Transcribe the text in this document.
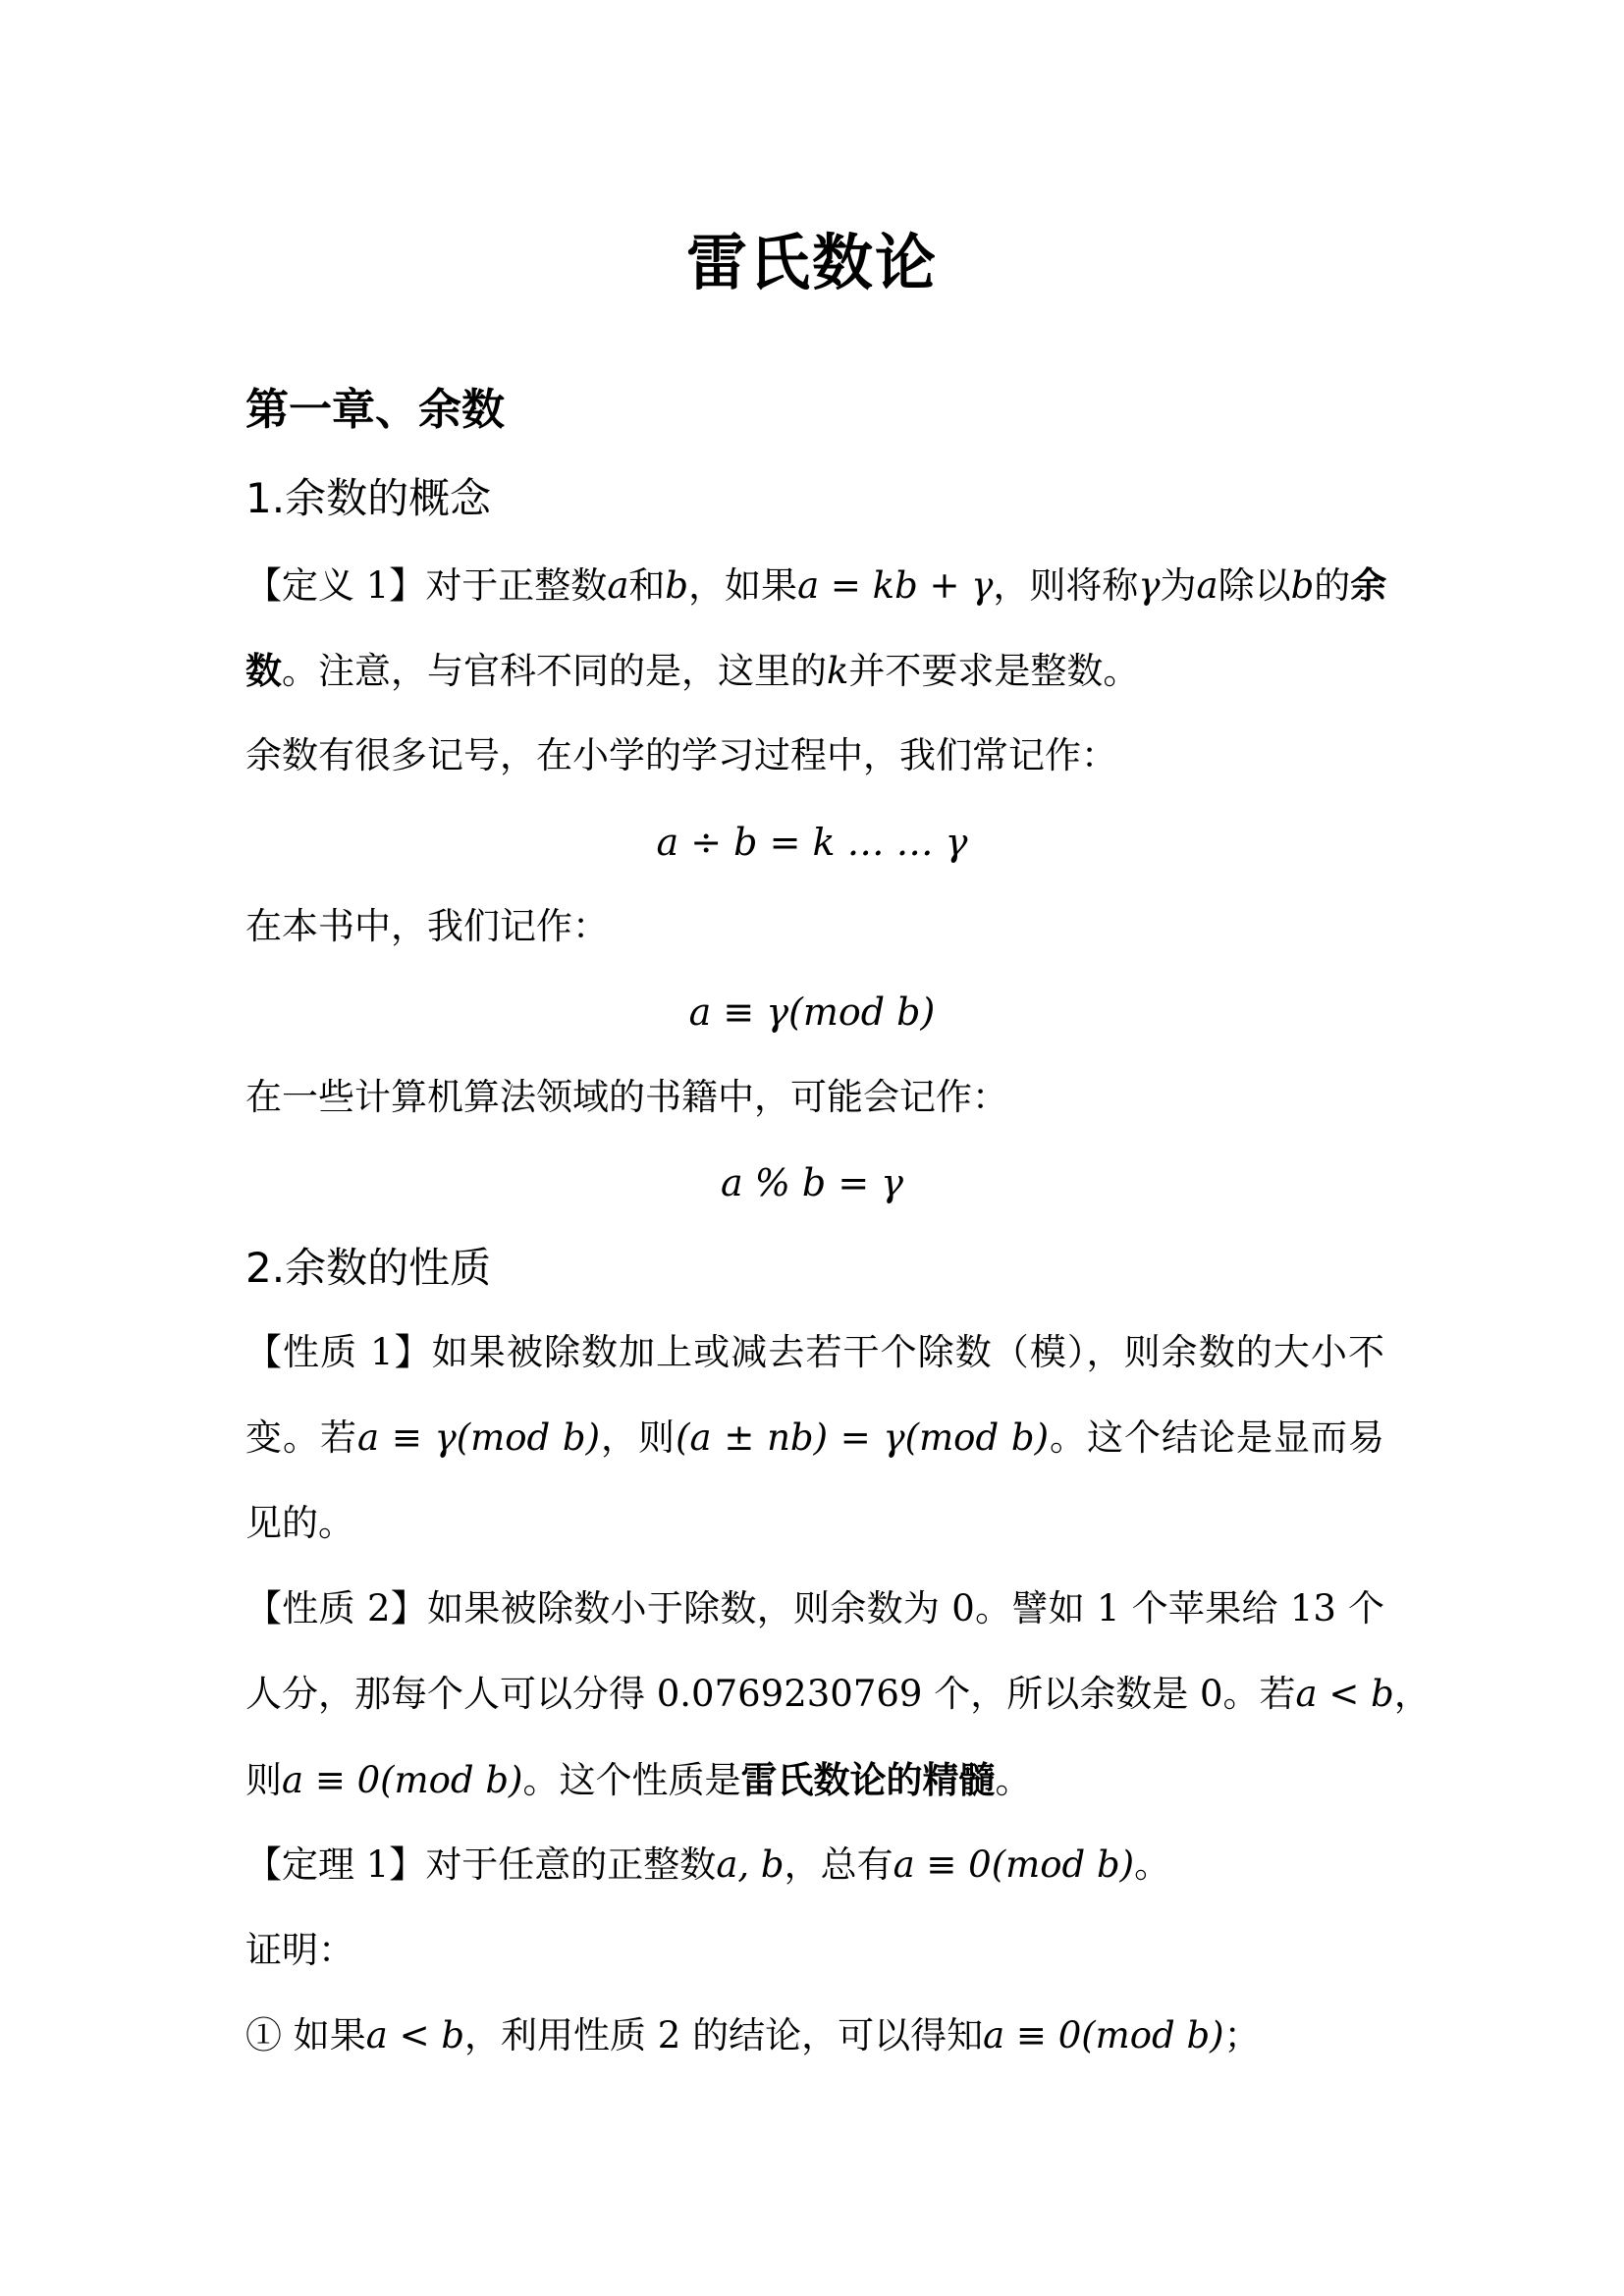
雷氏数论
第一章、余数
1.余数的概念
【定义 1】对于正整数a和b，如果a = kb + γ，则将称γ为a除以b的余
数。注意，与官科不同的是，这里的k并不要求是整数。
余数有很多记号，在小学的学习过程中，我们常记作：
a ÷ b = k … … γ
在本书中，我们记作：
a ≡ γ(mod b)
在一些计算机算法领域的书籍中，可能会记作：
a % b = γ
2.余数的性质
【性质 1】如果被除数加上或减去若干个除数（模），则余数的大小不
变。若a ≡ γ(mod b)，则(a ± nb) = γ(mod b)。这个结论是显而易
见的。
【性质 2】如果被除数小于除数，则余数为 0。譬如 1 个苹果给 13 个
人分，那每个人可以分得 0.0769230769 个，所以余数是 0。若a < b，
则a ≡ 0(mod b)。这个性质是雷氏数论的精髓。
【定理 1】对于任意的正整数a, b，总有a ≡ 0(mod b)。
证明：
① 如果a < b，利用性质 2 的结论，可以得知a ≡ 0(mod b)；
